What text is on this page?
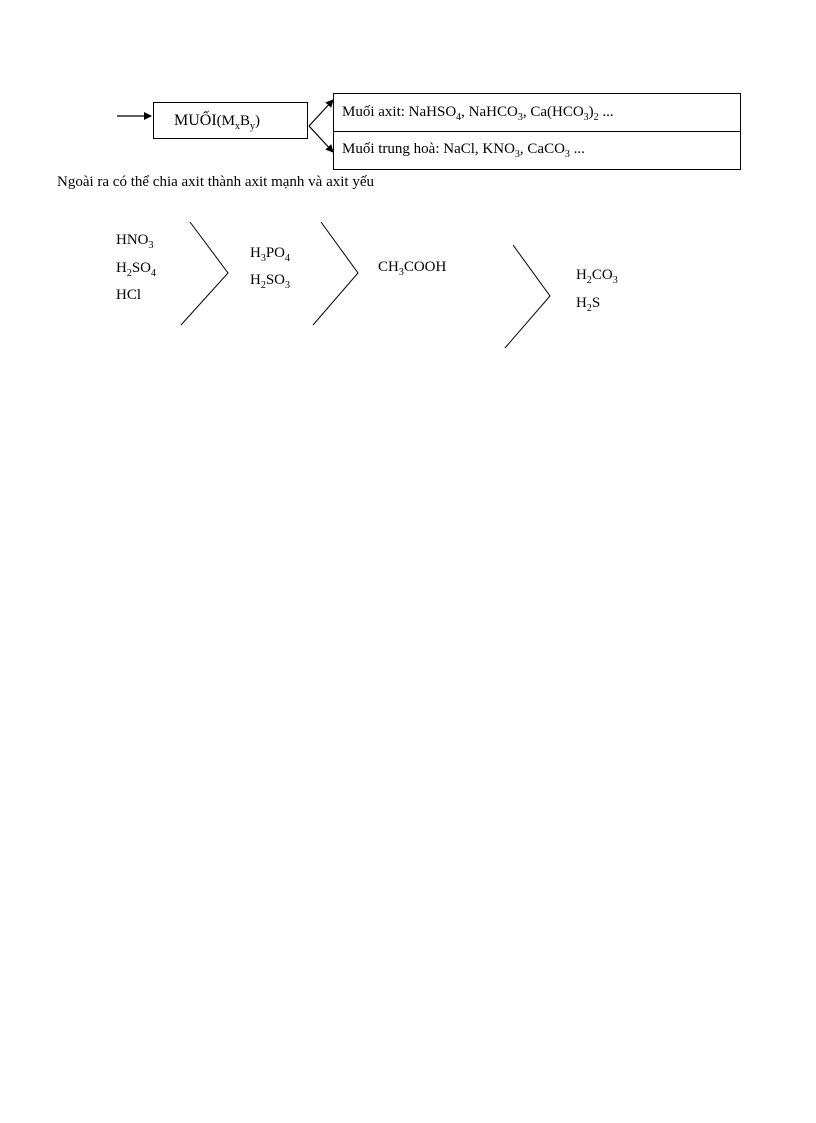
$MUỐI(M_xB_y)$
Muối axit: NaHSO$_4$, NaHCO$_3$, $Ca(HCO_3)_2$ ...
Muối trung hoà: NaCl, $KNO_3$, CaCO$_3$ ...
Ngoài ra có thể chia axit thành axit mạnh và axit yếu
$HNO_3$
$H_2SO_4$
HCl
$H_3PO_4$
$H_2SO_3$
$CH_3COOH$	$H_2CO_3$
$H_2S$
